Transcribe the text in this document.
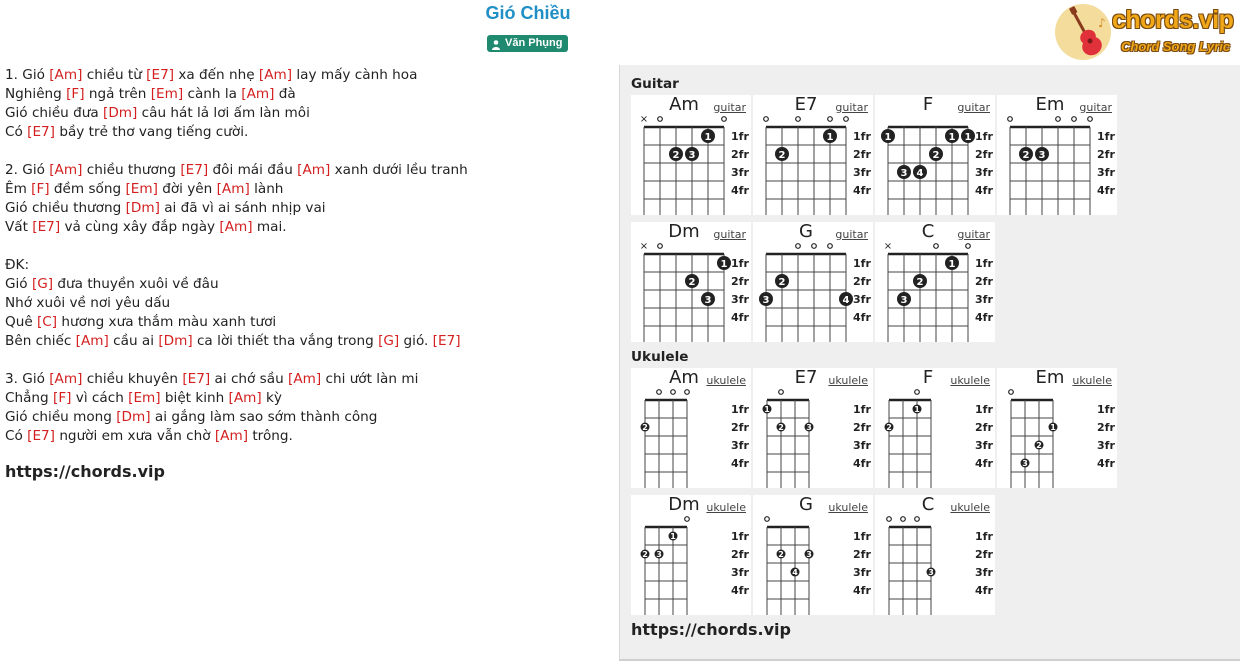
Gió Chiều
Văn Phụng
♪ chords.vip
Chord Song Lyric
1. Gió [Am] chiều từ [E7] xa đến nhẹ [Am] lay mấy cành hoa
Nghiêng [F] ngả trên [Em] cành la [Am] đà
Gió chiều đưa [Dm] câu hát lả lơi ấm làn môi
Có [E7] bầy trẻ thơ vang tiếng cười.
2. Gió [Am] chiều thương [E7] đôi mái đầu [Am] xanh dưới lều tranh
Êm [F] đềm sống [Em] đời yên [Am] lành
Gió chiều thương [Dm] ai đã vì ai sánh nhịp vai
Vất [E7] vả cùng xây đắp ngày [Am] mai.
ĐK:
Gió [G] đưa thuyền xuôi về đâu
Nhớ xuôi về nơi yêu dấu
Quê [C] hương xưa thắm màu xanh tươi
Bên chiếc [Am] cầu ai [Dm] ca lời thiết tha vắng trong [G] gió. [E7]
3. Gió [Am] chiều khuyên [E7] ai chớ sầu [Am] chi ướt làn mi
Chẳng [F] vì cách [Em] biệt kinh [Am] kỳ
Gió chiều mong [Dm] ai gắng làm sao sớm thành công
Có [E7] người em xưa vẫn chờ [Am] trông.
https://chords.vip
Guitar
Ukulele
https://chords.vip
Am	guitar
1fr
2fr
3fr
4fr
×
1
2 3
E7	guitar
1fr
2fr
3fr
4fr
1
2
F	guitar
1fr
2fr
3fr
4fr
1	1 1
2
3 4
Em	guitar
1fr
2fr
3fr
4fr
2 3
Dm	guitar
1fr
2fr
3fr
4fr
×
1
2
3
G	guitar
1fr
2fr
3fr
4fr
2
3	4
C	guitar
1fr
2fr
3fr
4fr
×
1
2
3
Am ukulele
1fr
2fr
3fr
4fr
2
E7 ukulele
1fr
2fr
3fr
4fr
1
2	3
F	ukulele
1fr
2fr
3fr
4fr
1
2
Em ukulele
1fr
2fr
3fr
4fr
1
2
3
Dm ukulele
1fr
2fr
3fr
4fr
1
2 3
G	ukulele
1fr
2fr
3fr
4fr
2	3
4
C	ukulele
1fr
2fr
3fr
4fr
3
